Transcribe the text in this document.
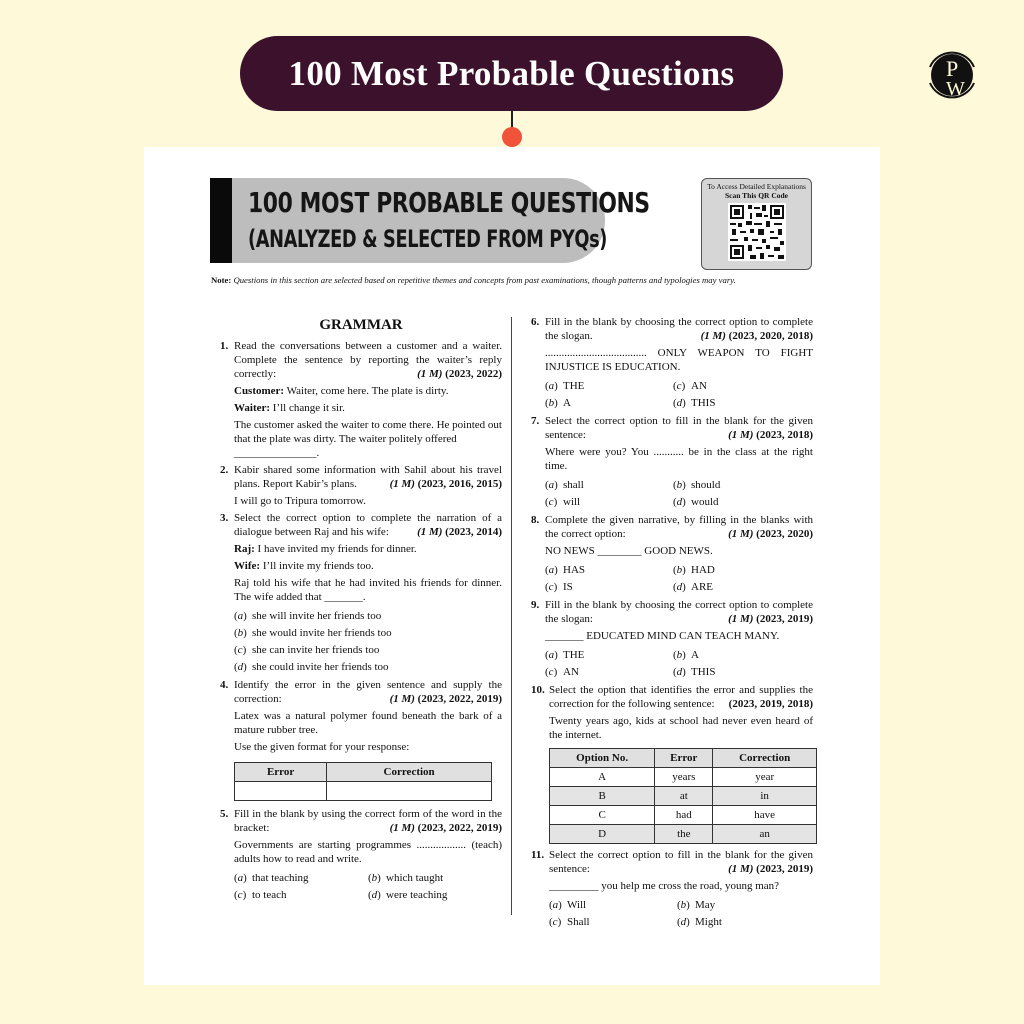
100 Most Probable Questions	P
W
100 MOST PROBABLE QUESTIONS
(ANALYZED & SELECTED FROM PYQs)
To Access Detailed Explanations
Scan This QR Code
Note: Questions in this section are selected based on repetitive themes and concepts from past examinations, though patterns and typologies may vary.
GRAMMAR
1. Read the conversations between a customer and a waiter. Complete the sentence by reporting the waiter’s reply correctly:	(1 M) (2023, 2022)

Customer: Waiter, come here. The plate is dirty.

Waiter: I’ll change it sir.

The customer asked the waiter to come there. He pointed out that the plate was dirty. The waiter politely offered
_______________.

2. Kabir shared some information with Sahil about his travel plans. Report Kabir’s plans.	(1 M) (2023, 2016, 2015)

I will go to Tripura tomorrow.

3. Select the correct option to complete the narration of a dialogue between Raj and his wife:	(1 M) (2023, 2014)

Raj: I have invited my friends for dinner.

Wife: I’ll invite my friends too.

Raj told his wife that he had invited his friends for dinner. The wife added that _______.

(a) she will invite her friends too
(b) she would invite her friends too
(c) she can invite her friends too
(d) she could invite her friends too
4. Identify the error in the given sentence and supply the correction:	(1 M) (2023, 2022, 2019)

Latex was a natural polymer found beneath the bark of a mature rubber tree.

Use the given format for your response:

Error	Correction

5. Fill in the blank by using the correct form of the word in the bracket:	(1 M) (2023, 2022, 2019)

Governments are starting programmes .................. (teach) adults how to read and write.

(a) that teaching	(b) which taught
(c) to teach	(d) were teaching
6. Fill in the blank by choosing the correct option to complete the slogan.	(1 M) (2023, 2020, 2018)

..................................... ONLY WEAPON TO FIGHT INJUSTICE IS EDUCATION.

(a) THE	(c) AN
(b) A	(d) THIS
7. Select the correct option to fill in the blank for the given sentence:	(1 M) (2023, 2018)

Where were you? You ........... be in the class at the right time.

(a) shall	(b) should
(c) will	(d) would
8. Complete the given narrative, by filling in the blanks with the correct option:	(1 M) (2023, 2020)

NO NEWS ________ GOOD NEWS.

(a) HAS	(b) HAD
(c) IS	(d) ARE
9. Fill in the blank by choosing the correct option to complete the slogan:	(1 M) (2023, 2019)

_______ EDUCATED MIND CAN TEACH MANY.

(a) THE	(b) A
(c) AN	(d) THIS
10. Select the option that identifies the error and supplies the correction for the following sentence: (2023, 2019, 2018)

Twenty years ago, kids at school had never even heard of the internet.

Option No.	Error	Correction
A	years	year
B	at	in
C	had	have
D	the	an
11. Select the correct option to fill in the blank for the given sentence:	(1 M) (2023, 2019)

_________ you help me cross the road, young man?

(a) Will	(b) May
(c) Shall	(d) Might
